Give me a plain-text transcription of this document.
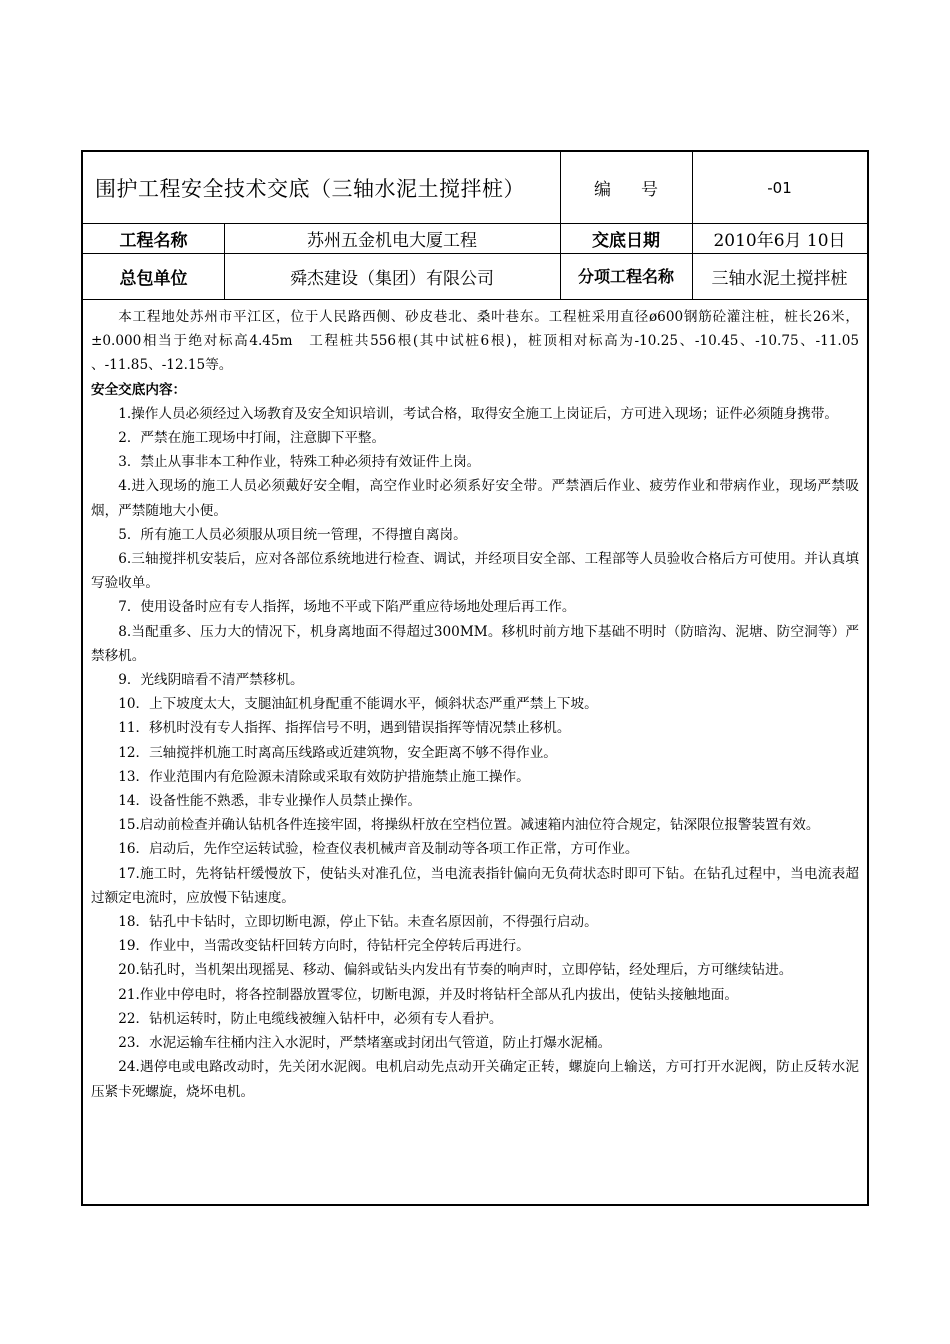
围护工程安全技术交底（三轴水泥土搅拌桩）	编号	-01
工程名称	苏州五金机电大厦工程	交底日期	2010年6月 10日
总包单位	舜杰建设（集团）有限公司	分项工程名称	三轴水泥土搅拌桩

本工程地处苏州市平江区，位于人民路西侧、砂皮巷北、桑叶巷东。工程桩采用直径ø600钢筋砼灌注桩，桩长26米，±0.000相当于绝对标高4.45m　工程桩共556根(其中试桩6根)，桩顶相对标高为-10.25、-10.45、-10.75、-11.05 、-11.85、-12.15等。

安全交底内容：

1.操作人员必须经过入场教育及安全知识培训，考试合格，取得安全施工上岗证后，方可进入现场；证件必须随身携带。

2．严禁在施工现场中打闹，注意脚下平整。

3．禁止从事非本工种作业，特殊工种必须持有效证件上岗。

4.进入现场的施工人员必须戴好安全帽，高空作业时必须系好安全带。严禁酒后作业、疲劳作业和带病作业，现场严禁吸烟，严禁随地大小便。

5．所有施工人员必须服从项目统一管理，不得擅自离岗。

6.三轴搅拌机安装后，应对各部位系统地进行检查、调试，并经项目安全部、工程部等人员验收合格后方可使用。并认真填写验收单。

7．使用设备时应有专人指挥，场地不平或下陷严重应待场地处理后再工作。

8.当配重多、压力大的情况下，机身离地面不得超过300MM。移机时前方地下基础不明时（防暗沟、泥塘、防空洞等）严禁移机。

9．光线阴暗看不清严禁移机。

10．上下坡度太大，支腿油缸机身配重不能调水平，倾斜状态严重严禁上下坡。

11．移机时没有专人指挥、指挥信号不明，遇到错误指挥等情况禁止移机。

12．三轴搅拌机施工时离高压线路或近建筑物，安全距离不够不得作业。

13．作业范围内有危险源未清除或采取有效防护措施禁止施工操作。

14．设备性能不熟悉，非专业操作人员禁止操作。

15.启动前检查并确认钻机各件连接牢固，将操纵杆放在空档位置。减速箱内油位符合规定，钻深限位报警装置有效。

16．启动后，先作空运转试验，检查仪表机械声音及制动等各项工作正常，方可作业。

17.施工时，先将钻杆缓慢放下，使钻头对准孔位，当电流表指针偏向无负荷状态时即可下钻。在钻孔过程中，当电流表超过额定电流时，应放慢下钻速度。

18．钻孔中卡钻时，立即切断电源，停止下钻。未查名原因前，不得强行启动。

19．作业中，当需改变钻杆回转方向时，待钻杆完全停转后再进行。

20.钻孔时，当机架出现摇晃、移动、偏斜或钻头内发出有节奏的响声时，立即停钻，经处理后，方可继续钻进。

21.作业中停电时，将各控制器放置零位，切断电源，并及时将钻杆全部从孔内拔出，使钻头接触地面。

22．钻机运转时，防止电缆线被缠入钻杆中，必须有专人看护。

23．水泥运输车往桶内注入水泥时，严禁堵塞或封闭出气管道，防止打爆水泥桶。

24.遇停电或电路改动时，先关闭水泥阀。电机启动先点动开关确定正转，螺旋向上输送，方可打开水泥阀，防止反转水泥压紧卡死螺旋，烧坏电机。
